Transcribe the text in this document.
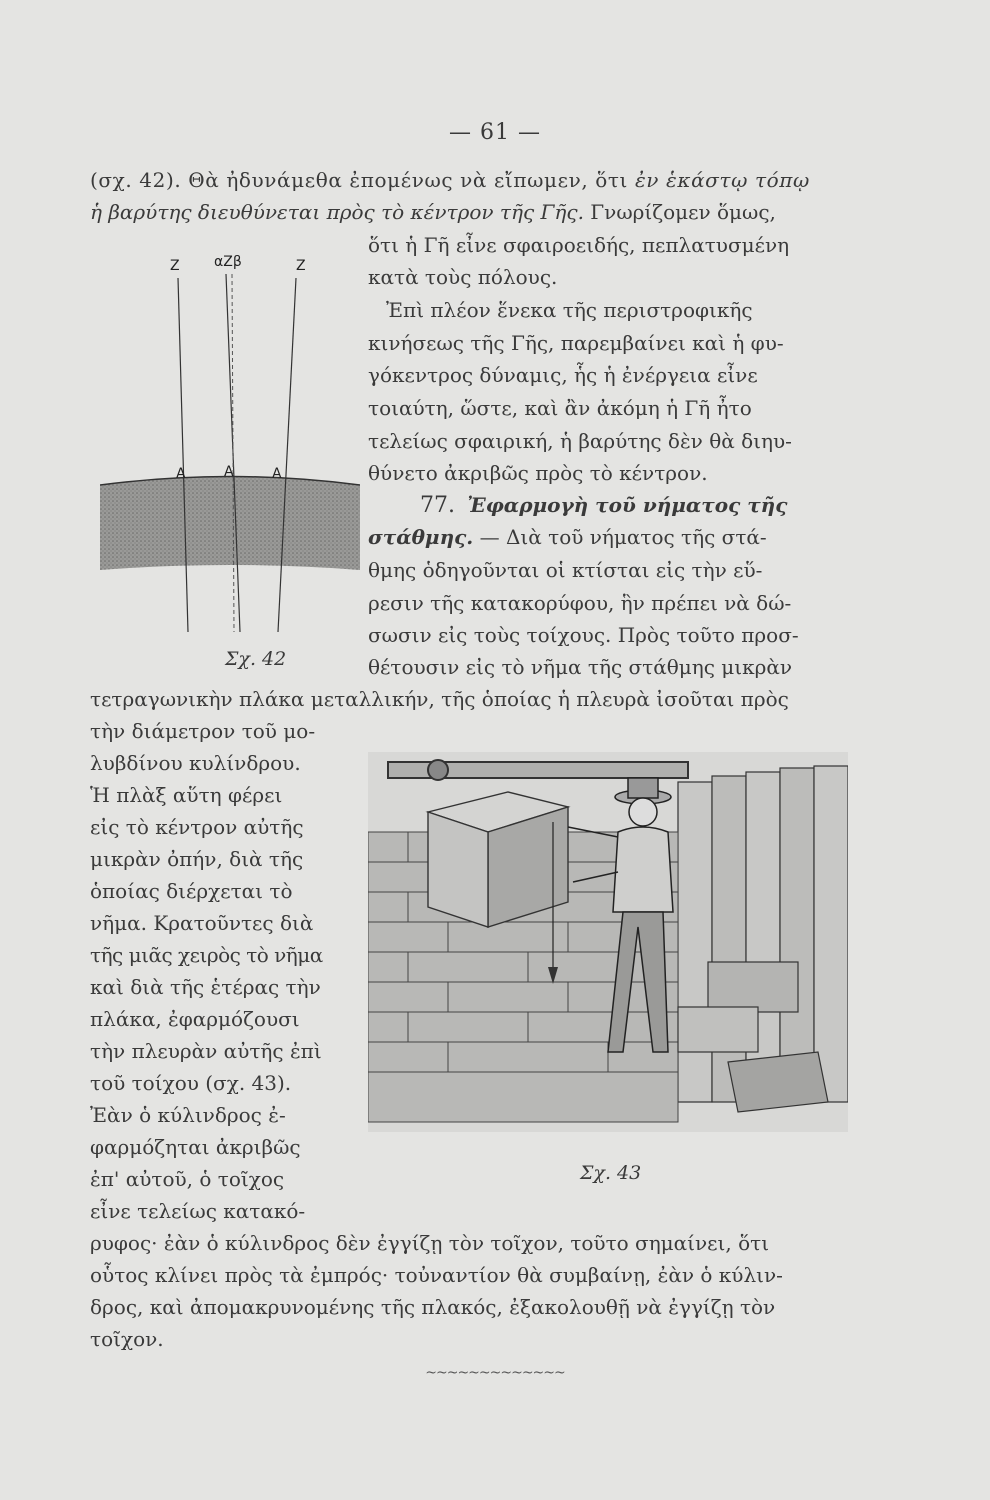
— 61 —
(σχ. 42). Θὰ ἠδυνάμεθα ἐπομένως νὰ εἴπωμεν, ὅτι ἐν ἑκάστῳ τόπῳ
ἡ βαρύτης διευθύνεται πρὸς τὸ κέντρον τῆς Γῆς. Γνωρίζομεν ὅμως,
ὅτι ἡ Γῆ εἶνε σφαιροειδής, πεπλατυσμένη
κατὰ τοὺς πόλους.
Ἐπὶ πλέον ἕνεκα τῆς περιστροφικῆς
κινήσεως τῆς Γῆς, παρεμβαίνει καὶ ἡ φυ-
γόκεντρος δύναμις, ἧς ἡ ἐνέργεια εἶνε
τοιαύτη, ὥστε, καὶ ἂν ἀκόμη ἡ Γῆ ἦτο
τελείως σφαιρική, ἡ βαρύτης δὲν θὰ διηυ-
θύνετο ἀκριβῶς πρὸς τὸ κέντρον.
77. Ἐφαρμογὴ τοῦ νήματος τῆς
στάθμης. — Διὰ τοῦ νήματος τῆς στά-
θμης ὁδηγοῦνται οἱ κτίσται εἰς τὴν εὕ-
ρεσιν τῆς κατακορύφου, ἣν πρέπει νὰ δώ-
σωσιν εἰς τοὺς τοίχους. Πρὸς τοῦτο προσ-
θέτουσιν εἰς τὸ νῆμα τῆς στάθμης μικρὰν
τετραγωνικὴν πλάκα μεταλλικήν, τῆς ὁποίας ἡ πλευρὰ ἰσοῦται πρὸς
τὴν διάμετρον τοῦ μο-
λυβδίνου κυλίνδρου.
Ἡ πλὰξ αὕτη φέρει
εἰς τὸ κέντρον αὐτῆς
μικρὰν ὀπήν, διὰ τῆς
ὁποίας διέρχεται τὸ
νῆμα. Κρατοῦντες διὰ
τῆς μιᾶς χειρὸς τὸ νῆμα
καὶ διὰ τῆς ἑτέρας τὴν
πλάκα, ἐφαρμόζουσι
τὴν πλευρὰν αὐτῆς ἐπὶ
τοῦ τοίχου (σχ. 43).
Ἐὰν ὁ κύλινδρος ἐ-
φαρμόζηται ἀκριβῶς
ἐπ' αὐτοῦ, ὁ τοῖχος
εἶνε τελείως κατακό-
ρυφος· ἐὰν ὁ κύλινδρος δὲν ἐγγίζῃ τὸν τοῖχον, τοῦτο σημαίνει, ὅτι
οὗτος κλίνει πρὸς τὰ ἐμπρός· τοὐναντίον θὰ συμβαίνῃ, ἐὰν ὁ κύλιν-
δρος, καὶ ἀπομακρυνομένης τῆς πλακός, ἐξακολουθῇ νὰ ἐγγίζῃ τὸν
τοῖχον.
~~~~~~~~~~~~~
Z αΖβ	Z
A	A	A
Σχ. 42
Σχ. 43
